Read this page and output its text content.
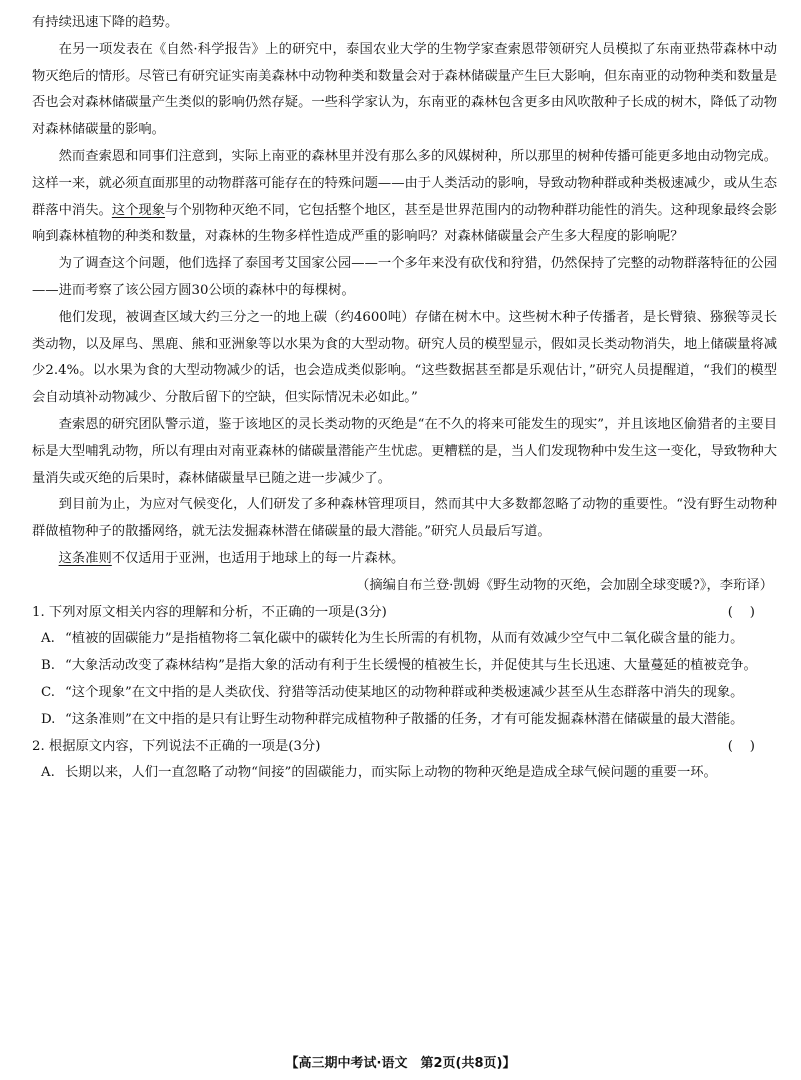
有持续迅速下降的趋势。

在另一项发表在《自然·科学报告》上的研究中，泰国农业大学的生物学家查索恩带领研究人员模拟了东南亚热带森林中动物灭绝后的情形。尽管已有研究证实南美森林中动物种类和数量会对于森林储碳量产生巨大影响，但东南亚的动物种类和数量是否也会对森林储碳量产生类似的影响仍然存疑。一些科学家认为，东南亚的森林包含更多由风吹散种子长成的树木，降低了动物对森林储碳量的影响。

然而查索恩和同事们注意到，实际上南亚的森林里并没有那么多的风媒树种，所以那里的树种传播可能更多地由动物完成。这样一来，就必须直面那里的动物群落可能存在的特殊问题——由于人类活动的影响，导致动物种群或种类极速减少，或从生态群落中消失。这个现象与个别物种灭绝不同，它包括整个地区，甚至是世界范围内的动物种群功能性的消失。这种现象最终会影响到森林植物的种类和数量，对森林的生物多样性造成严重的影响吗？对森林储碳量会产生多大程度的影响呢？

为了调查这个问题，他们选择了泰国考艾国家公园——一个多年来没有砍伐和狩猎，仍然保持了完整的动物群落特征的公园——进而考察了该公园方圆30公顷的森林中的每棵树。

他们发现，被调查区域大约三分之一的地上碳（约4600吨）存储在树木中。这些树木种子传播者，是长臂猿、猕猴等灵长类动物，以及犀鸟、黑鹿、熊和亚洲象等以水果为食的大型动物。研究人员的模型显示，假如灵长类动物消失，地上储碳量将减少2.4%。以水果为食的大型动物减少的话，也会造成类似影响。“这些数据甚至都是乐观估计，”研究人员提醒道，“我们的模型会自动填补动物减少、分散后留下的空缺，但实际情况未必如此。”

查索恩的研究团队警示道，鉴于该地区的灵长类动物的灭绝是“在不久的将来可能发生的现实”，并且该地区偷猎者的主要目标是大型哺乳动物，所以有理由对南亚森林的储碳量潜能产生忧虑。更糟糕的是，当人们发现物种中发生这一变化，导致物种大量消失或灭绝的后果时，森林储碳量早已随之进一步减少了。

到目前为止，为应对气候变化，人们研发了多种森林管理项目，然而其中大多数都忽略了动物的重要性。“没有野生动物种群做植物种子的散播网络，就无法发掘森林潜在储碳量的最大潜能。”研究人员最后写道。

这条准则不仅适用于亚洲，也适用于地球上的每一片森林。

（摘编自布兰登·凯姆《野生动物的灭绝，会加剧全球变暖?》，李珩译）

1. 下列对原文相关内容的理解和分析，不正确的一项是(3分)	(    )

A. “植被的固碳能力”是指植物将二氧化碳中的碳转化为生长所需的有机物，从而有效减少空气中二氧化碳含量的能力。
B. “大象活动改变了森林结构”是指大象的活动有利于生长缓慢的植被生长，并促使其与生长迅速、大量蔓延的植被竞争。
C. “这个现象”在文中指的是人类砍伐、狩猎等活动使某地区的动物种群或种类极速减少甚至从生态群落中消失的现象。
D. “这条准则”在文中指的是只有让野生动物种群完成植物种子散播的任务，才有可能发掘森林潜在储碳量的最大潜能。

2. 根据原文内容，下列说法不正确的一项是(3分)	(    )

A. 长期以来，人们一直忽略了动物“间接”的固碳能力，而实际上动物的物种灭绝是造成全球气候问题的重要一环。
【高三期中考试·语文　第2页(共8页)】
